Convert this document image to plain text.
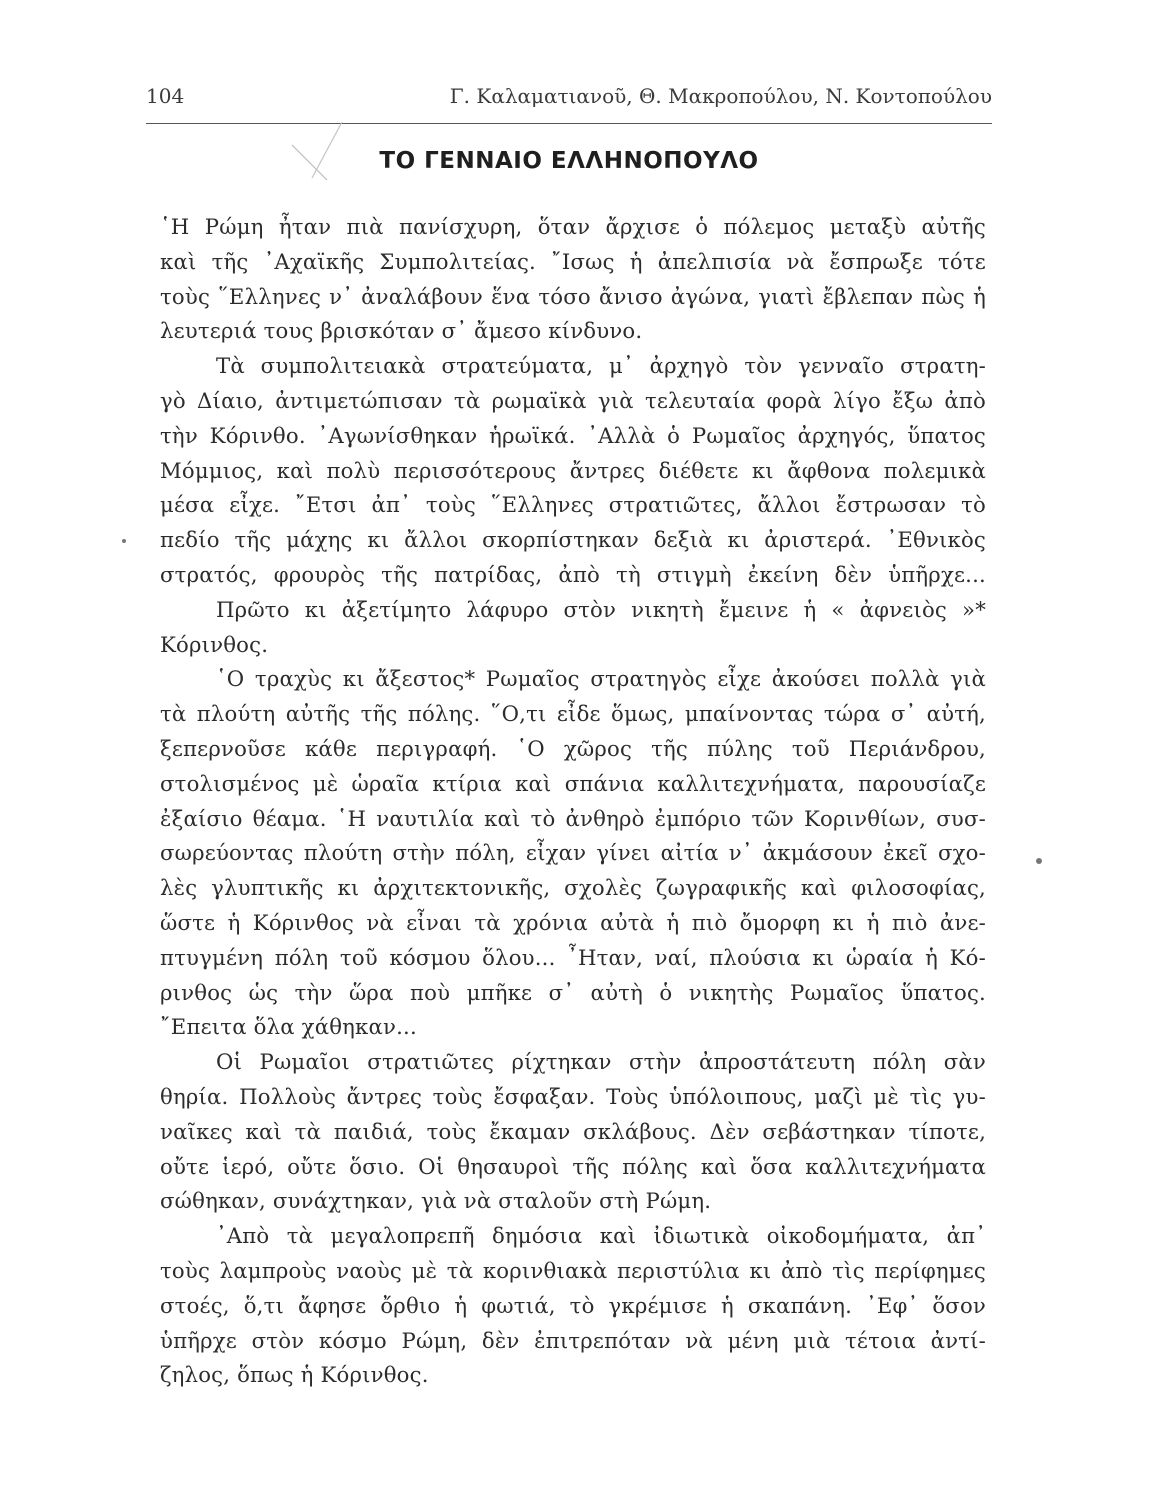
104	Γ. Καλαματιανοῦ, Θ. Μακροπούλου, Ν. Κοντοπούλου
ΤΟ ΓΕΝΝΑΙΟ ΕΛΛΗΝΟΠΟΥΛΟ
῾Η Ρώμη ἦταν πιὰ πανίσχυρη, ὅταν ἄρχισε ὁ πόλεμος μεταξὺ αὐτῆς
καὶ τῆς ᾿Αχαϊκῆς Συμπολιτείας. ῎Ισως ἡ ἀπελπισία νὰ ἔσπρωξε τότε
τοὺς ῞Ελληνες ν᾿ ἀναλάβουν ἕνα τόσο ἄνισο ἀγώνα, γιατὶ ἔβλεπαν πὼς ἡ
λευτεριά τους βρισκόταν σ᾿ ἄμεσο κίνδυνο.
Τὰ συμπολιτειακὰ στρατεύματα, μ᾿ ἀρχηγὸ τὸν γενναῖο στρατη-
γὸ Δίαιο, ἀντιμετώπισαν τὰ ρωμαϊκὰ γιὰ τελευταία φορὰ λίγο ἔξω ἀπὸ
τὴν Κόρινθο. ᾿Αγωνίσθηκαν ἡρωϊκά. ᾿Αλλὰ ὁ Ρωμαῖος ἀρχηγός, ὕπατος
Μόμμιος, καὶ πολὺ περισσότερους ἄντρες διέθετε κι ἄφθονα πολεμικὰ
μέσα εἶχε. ῎Ετσι ἀπ᾿ τοὺς ῞Ελληνες στρατιῶτες, ἄλλοι ἔστρωσαν τὸ
πεδίο τῆς μάχης κι ἄλλοι σκορπίστηκαν δεξιὰ κι ἀριστερά. ᾿Εθνικὸς
στρατός, φρουρὸς τῆς πατρίδας, ἀπὸ τὴ στιγμὴ ἐκείνη δὲν ὑπῆρχε...
Πρῶτο κι ἀξετίμητο λάφυρο στὸν νικητὴ ἔμεινε ἡ « ἀφνειὸς »*
Κόρινθος.
῾Ο τραχὺς κι ἄξεστος* Ρωμαῖος στρατηγὸς εἶχε ἀκούσει πολλὰ γιὰ
τὰ πλούτη αὐτῆς τῆς πόλης. ῞Ο,τι εἶδε ὅμως, μπαίνοντας τώρα σ᾿ αὐτή,
ξεπερνοῦσε κάθε περιγραφή. ῾Ο χῶρος τῆς πύλης τοῦ Περιάνδρου,
στολισμένος μὲ ὡραῖα κτίρια καὶ σπάνια καλλιτεχνήματα, παρουσίαζε
ἐξαίσιο θέαμα. ῾Η ναυτιλία καὶ τὸ ἀνθηρὸ ἐμπόριο τῶν Κορινθίων, συσ-
σωρεύοντας πλούτη στὴν πόλη, εἶχαν γίνει αἰτία ν᾿ ἀκμάσουν ἐκεῖ σχο-
λὲς γλυπτικῆς κι ἀρχιτεκτονικῆς, σχολὲς ζωγραφικῆς καὶ φιλοσοφίας,
ὥστε ἡ Κόρινθος νὰ εἶναι τὰ χρόνια αὐτὰ ἡ πιὸ ὄμορφη κι ἡ πιὸ ἀνε-
πτυγμένη πόλη τοῦ κόσμου ὅλου... ῏Ηταν, ναί, πλούσια κι ὡραία ἡ Κό-
ρινθος ὡς τὴν ὥρα ποὺ μπῆκε σ᾿ αὐτὴ ὁ νικητὴς Ρωμαῖος ὕπατος.
῎Επειτα ὅλα χάθηκαν...
Οἱ Ρωμαῖοι στρατιῶτες ρίχτηκαν στὴν ἀπροστάτευτη πόλη σὰν
θηρία. Πολλοὺς ἄντρες τοὺς ἔσφαξαν. Τοὺς ὑπόλοιπους, μαζὶ μὲ τὶς γυ-
ναῖκες καὶ τὰ παιδιά, τοὺς ἔκαμαν σκλάβους. Δὲν σεβάστηκαν τίποτε,
οὔτε ἱερό, οὔτε ὅσιο. Οἱ θησαυροὶ τῆς πόλης καὶ ὅσα καλλιτεχνήματα
σώθηκαν, συνάχτηκαν, γιὰ νὰ σταλοῦν στὴ Ρώμη.
᾿Απὸ τὰ μεγαλοπρεπῆ δημόσια καὶ ἰδιωτικὰ οἰκοδομήματα, ἀπ᾿
τοὺς λαμπροὺς ναοὺς μὲ τὰ κορινθιακὰ περιστύλια κι ἀπὸ τὶς περίφημες
στοές, ὅ,τι ἄφησε ὄρθιο ἡ φωτιά, τὸ γκρέμισε ἡ σκαπάνη. ᾿Εφ᾿ ὅσον
ὑπῆρχε στὸν κόσμο Ρώμη, δὲν ἐπιτρεπόταν νὰ μένη μιὰ τέτοια ἀντί-
ζηλος, ὅπως ἡ Κόρινθος.
